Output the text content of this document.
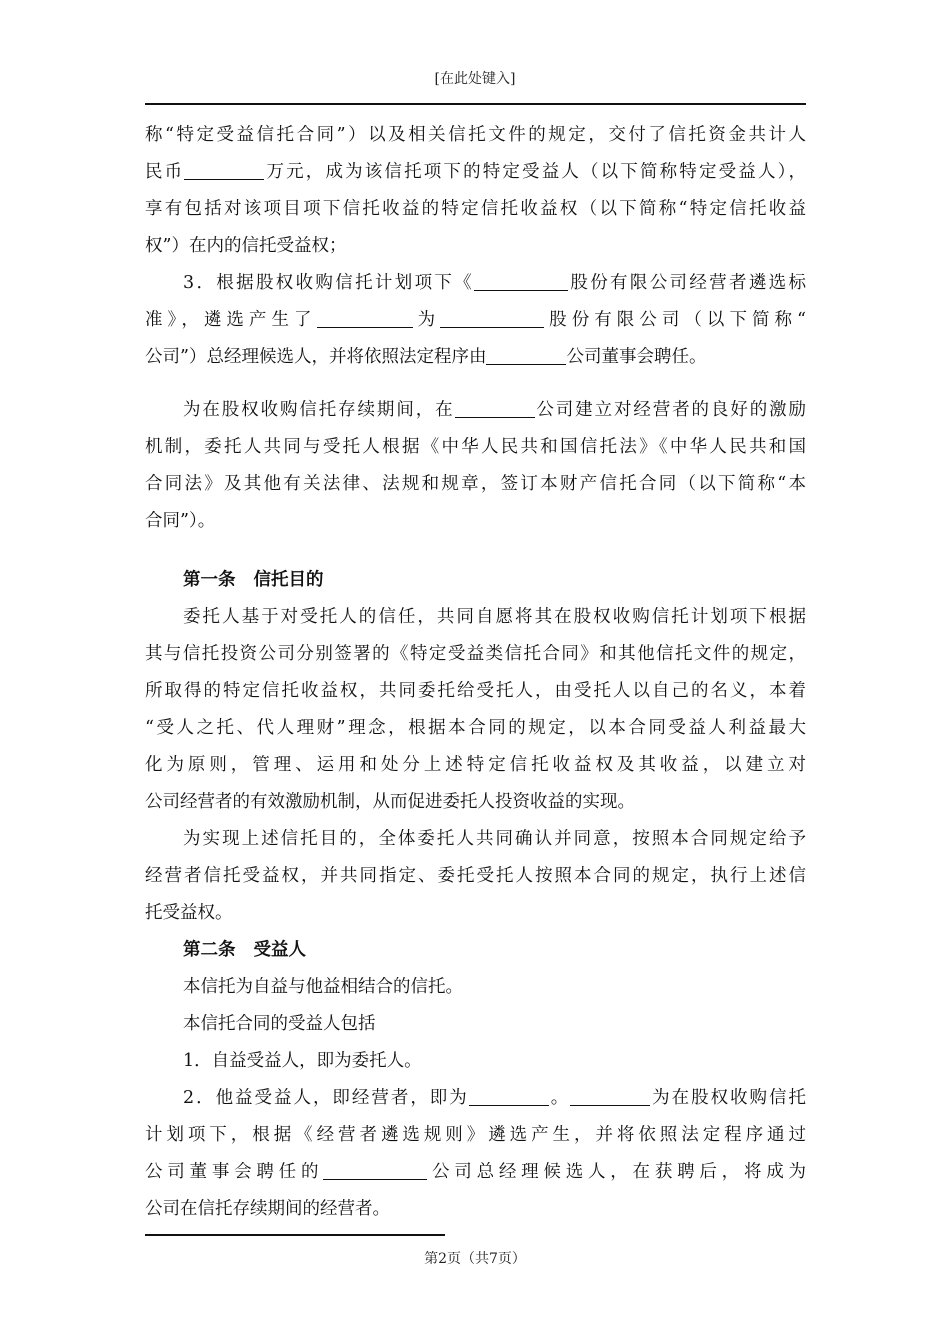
[在此处键入]
称“特定受益信托合同”）以及相关信托文件的规定，交付了信托资金共计人
民币	万元，成为该信托项下的特定受益人（以下简称特定受益人），
享有包括对该项目项下信托收益的特定信托收益权（以下简称“特定信托收益
权”）在内的信托受益权；
3．根据股权收购信托计划项下《	股份有限公司经营者遴选标
准》，遴选产生了	为	股份有限公司（以下简称“
公司”）总经理候选人，并将依照法定程序由	公司董事会聘任。
为在股权收购信托存续期间，在	公司建立对经营者的良好的激励
机制，委托人共同与受托人根据《中华人民共和国信托法》《中华人民共和国
合同法》及其他有关法律、法规和规章，签订本财产信托合同（以下简称“本
合同”）。
第一条 信托目的
委托人基于对受托人的信任，共同自愿将其在股权收购信托计划项下根据
其与信托投资公司分别签署的《特定受益类信托合同》和其他信托文件的规定，
所取得的特定信托收益权，共同委托给受托人，由受托人以自己的名义，本着
“受人之托、代人理财”理念，根据本合同的规定，以本合同受益人利益最大
化为原则，管理、运用和处分上述特定信托收益权及其收益，以建立对
公司经营者的有效激励机制，从而促进委托人投资收益的实现。
为实现上述信托目的，全体委托人共同确认并同意，按照本合同规定给予
经营者信托受益权，并共同指定、委托受托人按照本合同的规定，执行上述信
托受益权。
第二条 受益人
本信托为自益与他益相结合的信托。
本信托合同的受益人包括
1．自益受益人，即为委托人。
2．他益受益人，即经营者，即为	。	为在股权收购信托
计划项下，根据《经营者遴选规则》遴选产生，并将依照法定程序通过
公司董事会聘任的	公司总经理候选人，在获聘后，将成为
公司在信托存续期间的经营者。
第2页（共7页）
